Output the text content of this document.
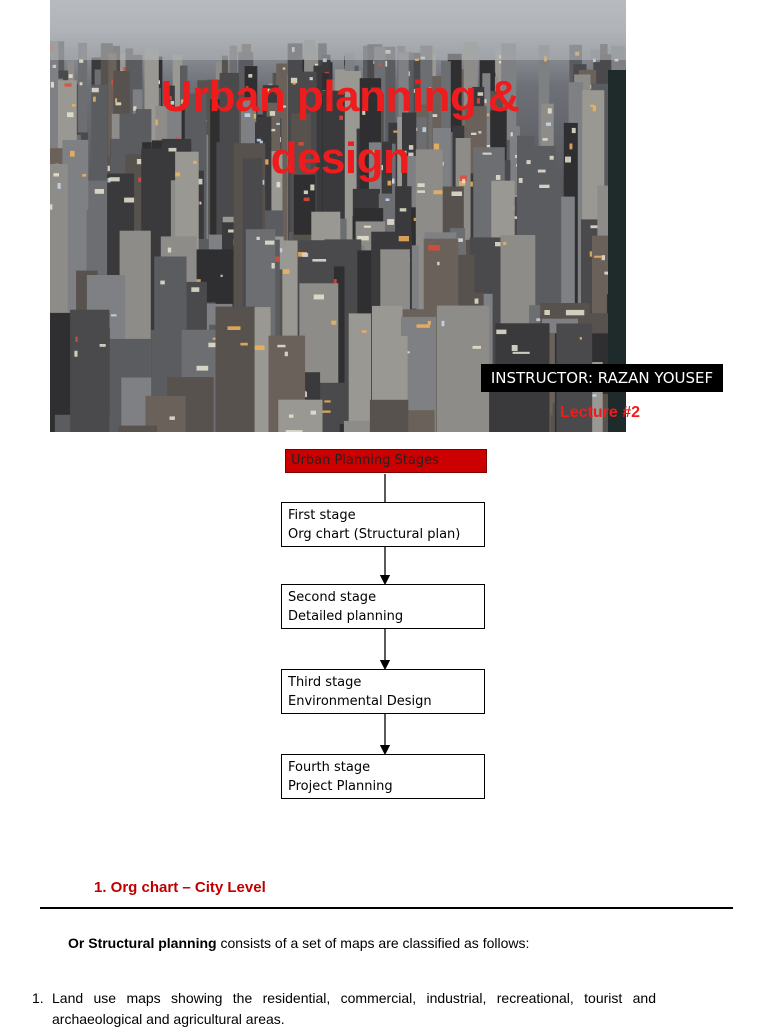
Urban planning & design
INSTRUCTOR: RAZAN YOUSEF
Lecture #2
Urban Planning Stages
First stage
Org chart (Structural plan)
Second stage
Detailed planning
Third stage
Environmental Design
Fourth stage
Project Planning
1. Org chart – City Level
Or Structural planning consists of a set of maps are classified as follows:
1. Land use maps showing the residential, commercial, industrial, recreational, tourist and
archaeological and agricultural areas.
